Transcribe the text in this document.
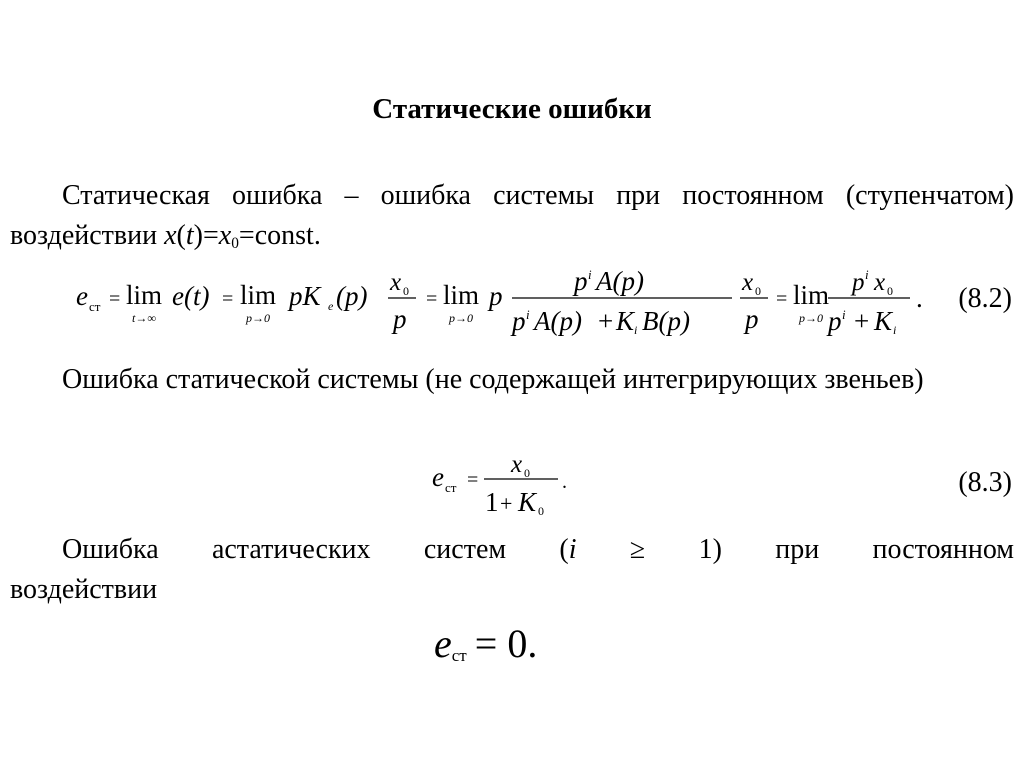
Статические ошибки
Статическая ошибка – ошибка системы при постоянном (ступенчатом) воздействии $x(t)=x_0=const$.
e ст = lim
t→∞
e(t) = lim
p→0
pK e (p) x 0
p
= lim
p→0
p	p i A(p)
p i A(p) + K i B(p)
x 0
p
= lim
p→0
p i x 0
p i + K i
. (8.2)
Ошибка статической системы (не содержащей интегрирующих звеньев)
e ст =
x 0
1 + K 0
.	(8.3)
Ошибка астатических систем (i ≥ 1) при постоянном
воздействии
eст  = 0.
